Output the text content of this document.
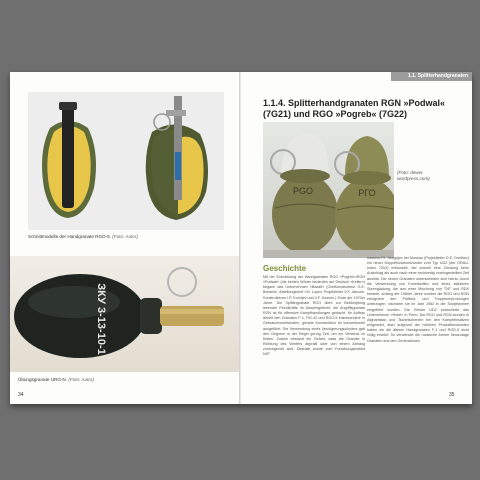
Schnittmodelle der Handgranate RGO-5. (Foto: Autor)
ЗКУ 3-13-10-1
Übungsgranate URG-N. (Foto: Autor)
34
1.1. Splitterhandgranaten
1.1.4. Splitterhandgranaten RGN »Podwal« (7G21) und RGO »Pogreb« (7G22)
PGO	РГО
(Foto: dewer, wordpress.com)
Geschichte
Mit der Entwicklung der Handgranaten RGO »Pogreb«/RGN »Podwal« (die beiden Wörter bedeuten auf Deutsch »Keller«) begann das Unternehmen »Bazalt« (Chefkonstrukteur G.E. Belokhin, Abteilungschef I.M. Lupov, Projektleiter V.F. Jakuzin, Konstrukteure I.P. Kornljev und V.F. Kuzmin.) Ende der 1970er Jahre. Die Splittergranate RGO dient zur Bekämpfung lebender Feindkräfte im Abwehrgefecht, die Angriffsgranate RGN ist für offensive Kampfhandlungen gedacht. Ihr Aufbau ähnelt den Granaten F-1, RG-42 und RGO-5 insbesondere in Gebrauchsmerkmalen, gerade Konstruktion ist konventionell ausgeführt. Die Verwendung eines Verzögerungszünders gab den Gegnern in der Regel genug Zeit, um ein Versteck zu finden. Zudem bestand ein Gefahr, dass die Granate in Richtung des Werfers abprallt oder von einem Abhang zurückgerollt wird. Deshalb wurde vom Forschungsinstitut NIIT
namens P.I. Snegirjev bei Moskau (Projektleiter D.E. Dmitriev) ein neuer Doppelfunktionszünder vom Typ UDZ (der GRAU-Index 7Zh2) entwickelt, der sowohl eine Zündung beim Aufschlag als auch nach einer rechtzeitig voreingestellten Zeit auslöst. Die neuen Granaten unterscheiden sich hierzu durch die Verwendung von Kunststoffen und eines stärkeren Sprengladung, die aus einer Mischung von TNT und RDX besteht. Anfang der 1980er Jahre wurden die RGO und RGN erfolgreich den Prüffeld- und Truppenerprobungen unterzogen, nachdem sie im Jahr 1982 in der Sowjetarmee eingeführt wurden. Die Zünder UDZ produzierte das Unternehmen »Hotel« in Perm. Die RGO und RGN wurden in Afghanistan und Tschetschenien bei den Kampfeinsätzen eingesetzt, aber aufgrund der höheren Produktionskosten haben sie die älteren Handgranaten F-1 und RGD-5 nicht völlig ersetzt. So verwendet die russische Armee heutzutage Granaten aus den Generationen
35
